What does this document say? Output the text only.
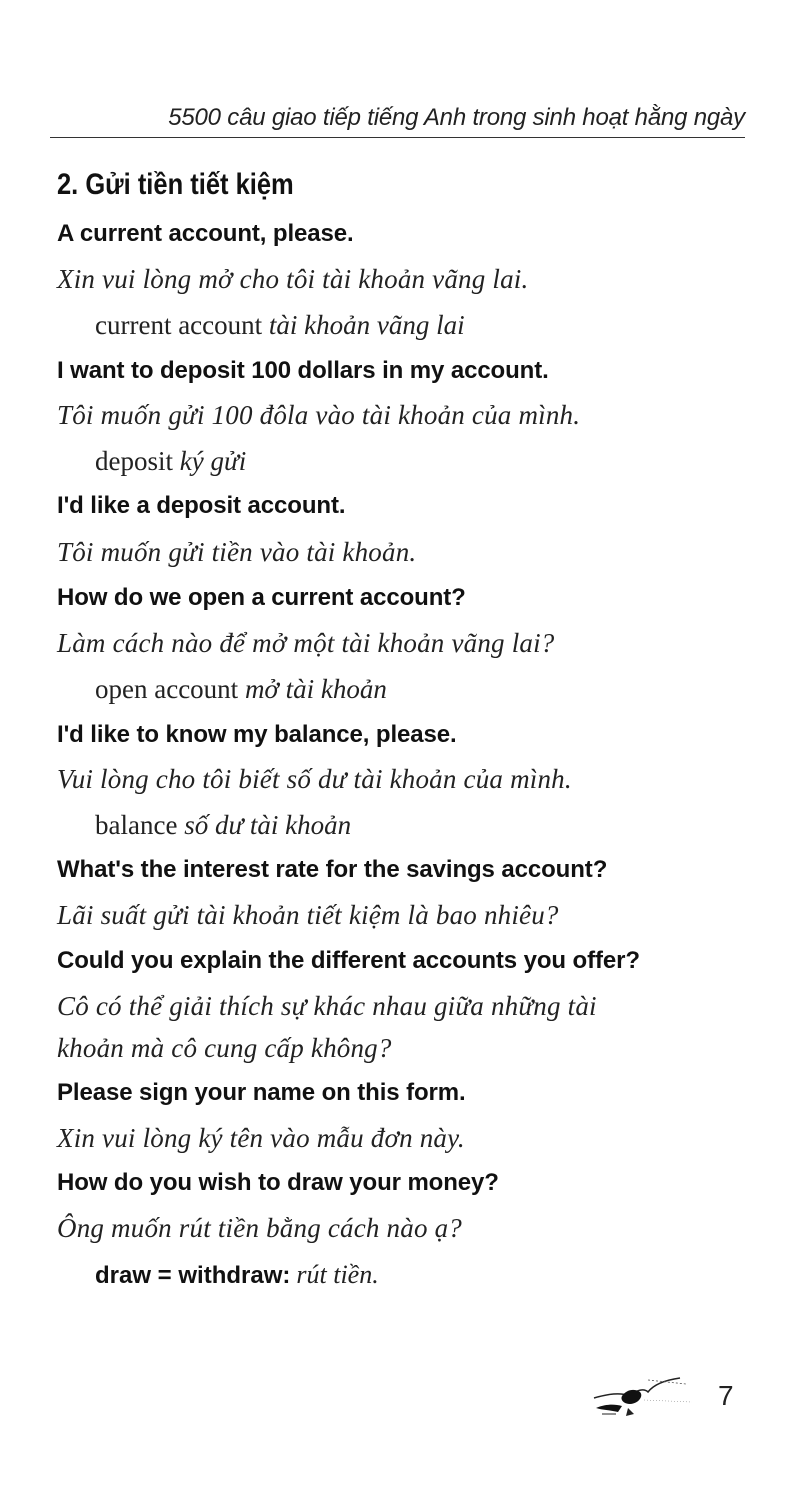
5500 câu giao tiếp tiếng Anh trong sinh hoạt hằng ngày
2. Gửi tiền tiết kiệm
A current account, please.
Xin vui lòng mở cho tôi tài khoản vãng lai.
current account tài khoản vãng lai
I want to deposit 100 dollars in my account.
Tôi muốn gửi 100 đôla vào tài khoản của mình.
deposit ký gửi
I'd like a deposit account.
Tôi muốn gửi tiền vào tài khoản.
How do we open a current account?
Làm cách nào để mở một tài khoản vãng lai?
open account mở tài khoản
I'd like to know my balance, please.
Vui lòng cho tôi biết số dư tài khoản của mình.
balance số dư tài khoản
What's the interest rate for the savings account?
Lãi suất gửi tài khoản tiết kiệm là bao nhiêu?
Could you explain the different accounts you offer?
Cô có thể giải thích sự khác nhau giữa những tài
khoản mà cô cung cấp không?
Please sign your name on this form.
Xin vui lòng ký tên vào mẫu đơn này.
How do you wish to draw your money?
Ông muốn rút tiền bằng cách nào ạ?
draw = withdraw: rút tiền.
7
